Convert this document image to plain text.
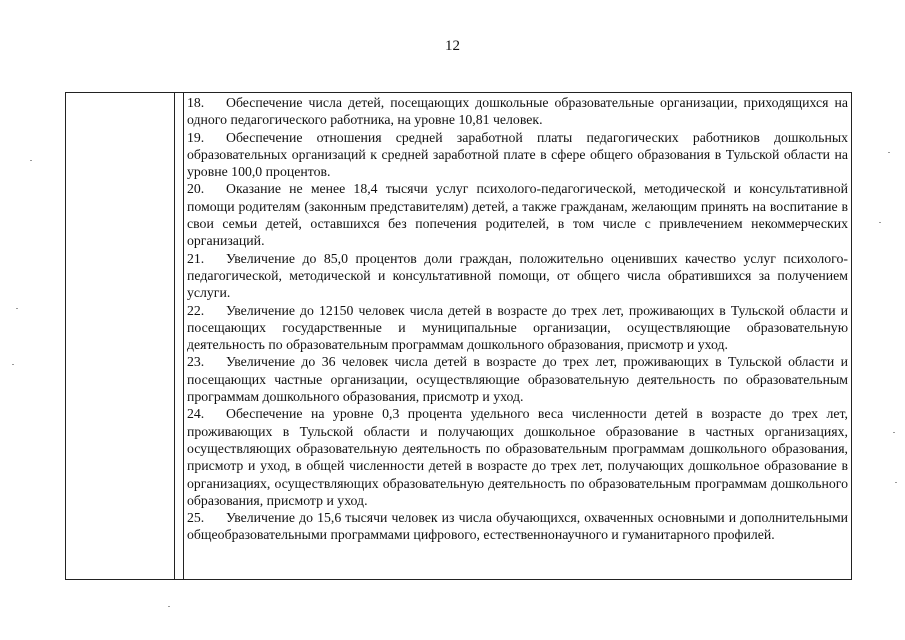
12

18. Обеспечение числа детей, посещающих дошкольные образовательные организации, приходящихся на одного педагогического работника, на уровне 10,81 человек.

19. Обеспечение отношения средней заработной платы педагогических работников дошкольных образовательных организаций к средней заработной плате в сфере общего образования в Тульской области на уровне 100,0 процентов.

20. Оказание не менее 18,4 тысячи услуг психолого-педагогической, методической и консультативной помощи родителям (законным представителям) детей, а также гражданам, желающим принять на воспитание в свои семьи детей, оставшихся без попечения родителей, в том числе с привлечением некоммерческих организаций.

21. Увеличение до 85,0 процентов доли граждан, положительно оценивших качество услуг психолого-педагогической, методической и консультативной помощи, от общего числа обратившихся за получением услуги.

22. Увеличение до 12150 человек числа детей в возрасте до трех лет, проживающих в Тульской области и посещающих государственные и муниципальные организации, осуществляющие образовательную деятельность по образовательным программам дошкольного образования, присмотр и уход.

23. Увеличение до 36 человек числа детей в возрасте до трех лет, проживающих в Тульской области и посещающих частные организации, осуществляющие образовательную деятельность по образовательным программам дошкольного образования, присмотр и уход.

24. Обеспечение на уровне 0,3 процента удельного веса численности детей в возрасте до трех лет, проживающих в Тульской области и получающих дошкольное образование в частных организациях, осуществляющих образовательную деятельность по образовательным программам дошкольного образования, присмотр и уход, в общей численности детей в возрасте до трех лет, получающих дошкольное образование в организациях, осуществляющих образовательную деятельность по образовательным программам дошкольного образования, присмотр и уход.

25. Увеличение до 15,6 тысячи человек из числа обучающихся, охваченных основными и дополнительными общеобразовательными программами цифрового, естественнонаучного и гуманитарного профилей.
